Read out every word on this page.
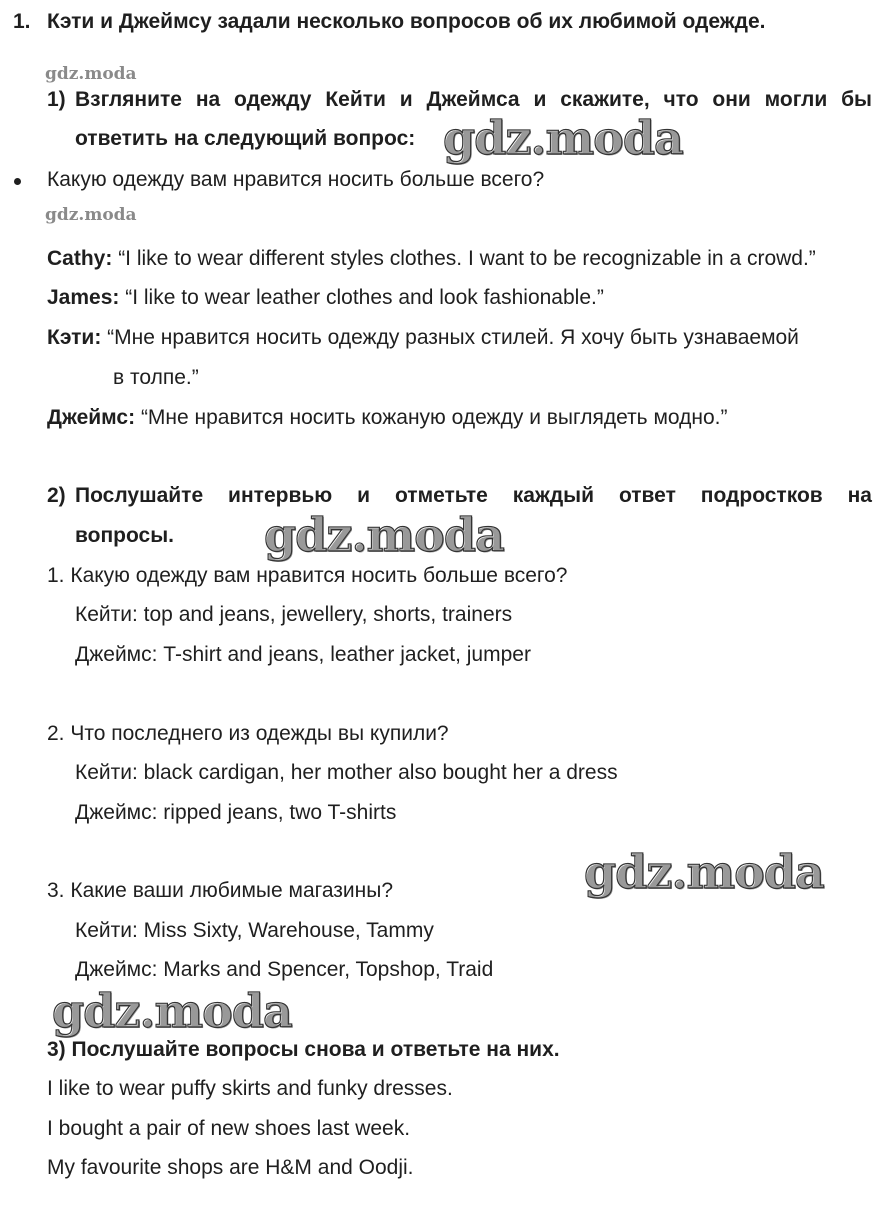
1. Кэти и Джеймсу задали несколько вопросов об их любимой одежде.
gdz.moda
1) Взгляните на одежду Кейти и Джеймса и скажите, что они могли бы
ответить на следующий вопрос: gdz.moda
Какую одежду вам нравится носить больше всего?
gdz.moda
Cathy: “I like to wear different styles clothes. I want to be recognizable in a crowd.”
James: “I like to wear leather clothes and look fashionable.”
Кэти: “Мне нравится носить одежду разных стилей. Я хочу быть узнаваемой
в толпе.”
Джеймс: “Мне нравится носить кожаную одежду и выглядеть модно.”
2) Послушайте интервью и отметьте каждый ответ подростков на
вопросы. gdz.moda
1. Какую одежду вам нравится носить больше всего?
Кейти: top and jeans, jewellery, shorts, trainers
Джеймс: T-shirt and jeans, leather jacket, jumper
2. Что последнего из одежды вы купили?
Кейти: black cardigan, her mother also bought her a dress
Джеймс: ripped jeans, two T-shirts
gdz.moda
3. Какие ваши любимые магазины?
Кейти: Miss Sixty, Warehouse, Tammy
Джеймс: Marks and Spencer, Topshop, Traid
gdz.moda
3) Послушайте вопросы снова и ответьте на них.
I like to wear puffy skirts and funky dresses.
I bought a pair of new shoes last week.
My favourite shops are H&M and Oodji.
